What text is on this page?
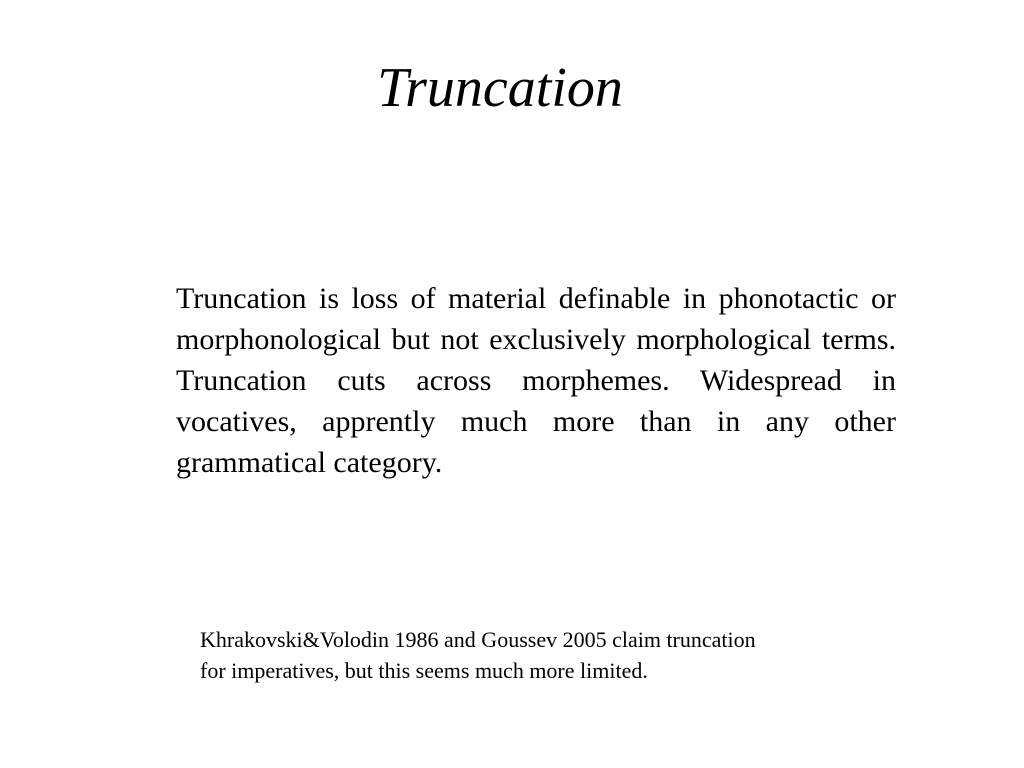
Truncation

Truncation is loss of material definable in phonotactic or morphonological but not exclusively morphological terms. Truncation cuts across morphemes. Widespread in vocatives, apprently much more than in any other grammatical category.

Khrakovski&Volodin 1986 and Goussev 2005 claim truncation
for imperatives, but this seems much more limited.
